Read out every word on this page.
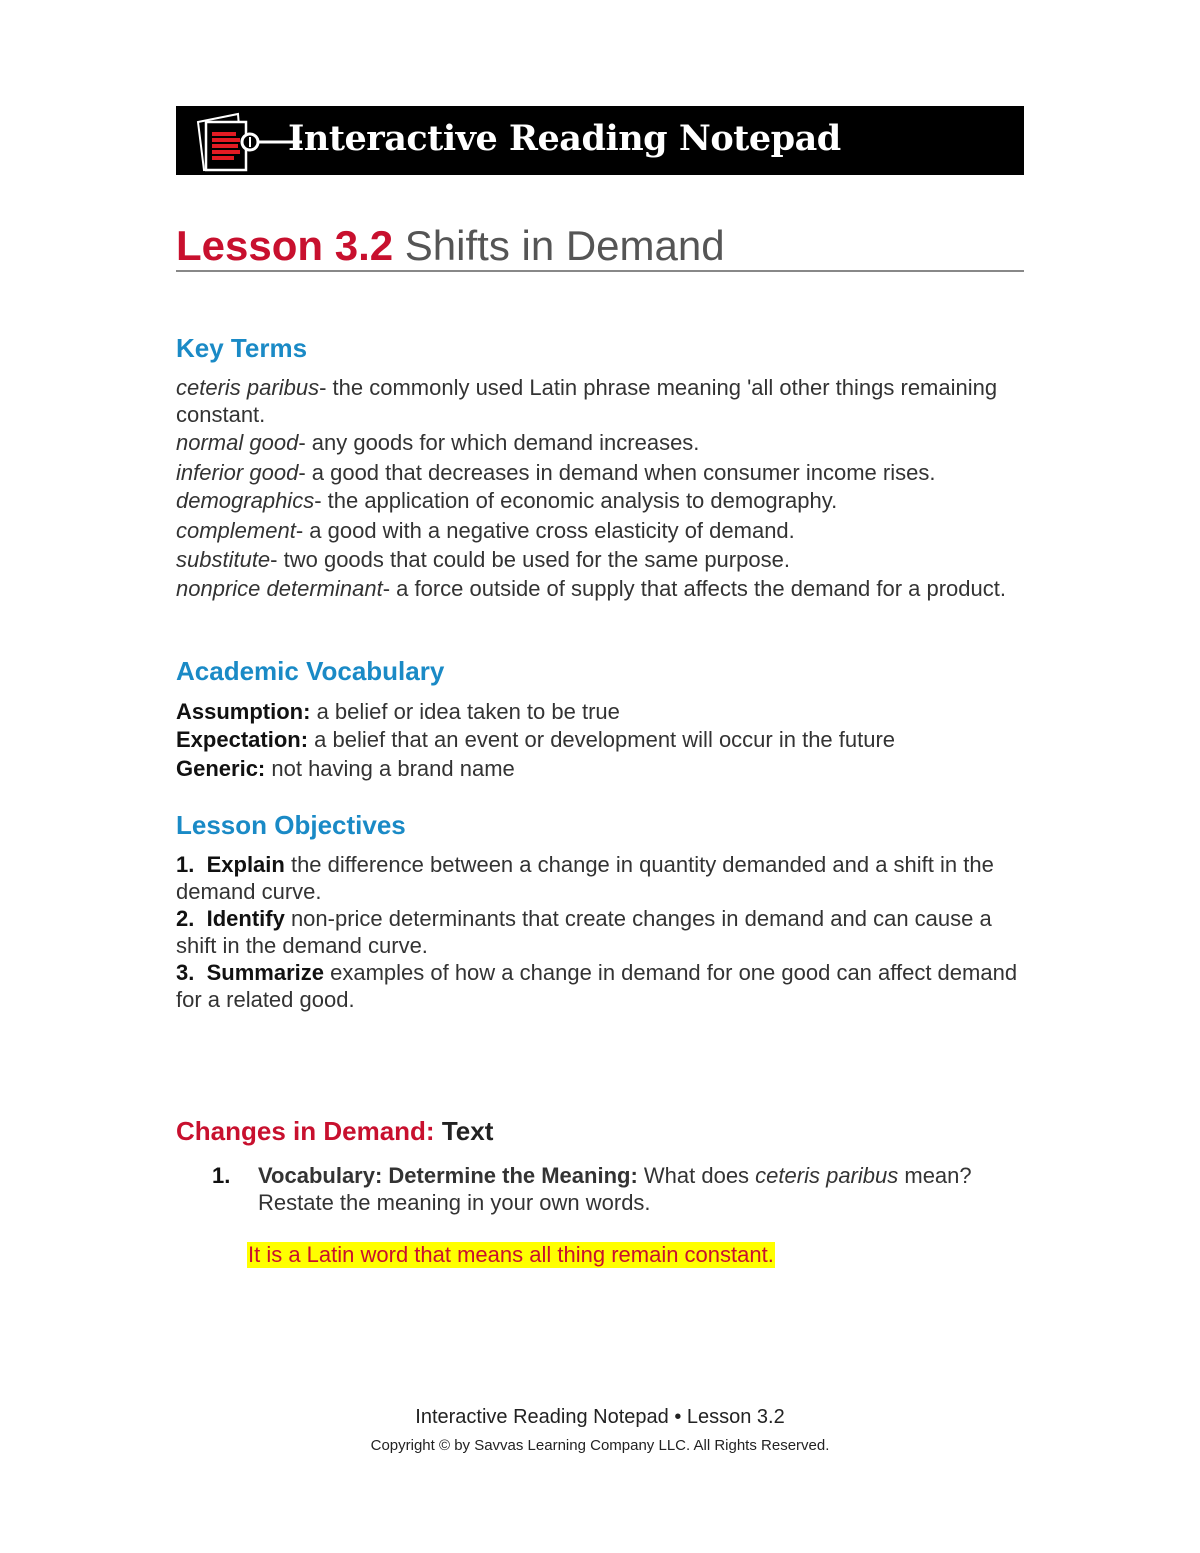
Interactive Reading Notepad
Lesson 3.2 Shifts in Demand
Key Terms
ceteris paribus- the commonly used Latin phrase meaning 'all other things remaining constant.
normal good- any goods for which demand increases.
inferior good- a good that decreases in demand when consumer income rises.
demographics- the application of economic analysis to demography.
complement- a good with a negative cross elasticity of demand.
substitute- two goods that could be used for the same purpose.
nonprice determinant- a force outside of supply that affects the demand for a product.
Academic Vocabulary
Assumption: a belief or idea taken to be true
Expectation: a belief that an event or development will occur in the future
Generic: not having a brand name
Lesson Objectives
1. Explain the difference between a change in quantity demanded and a shift in the demand curve.
2. Identify non-price determinants that create changes in demand and can cause a shift in the demand curve.
3. Summarize examples of how a change in demand for one good can affect demand for a related good.
Changes in Demand: Text
1. Vocabulary: Determine the Meaning: What does ceteris paribus mean? Restate the meaning in your own words.
It is a Latin word that means all thing remain constant.
Interactive Reading Notepad • Lesson 3.2
Copyright © by Savvas Learning Company LLC. All Rights Reserved.
